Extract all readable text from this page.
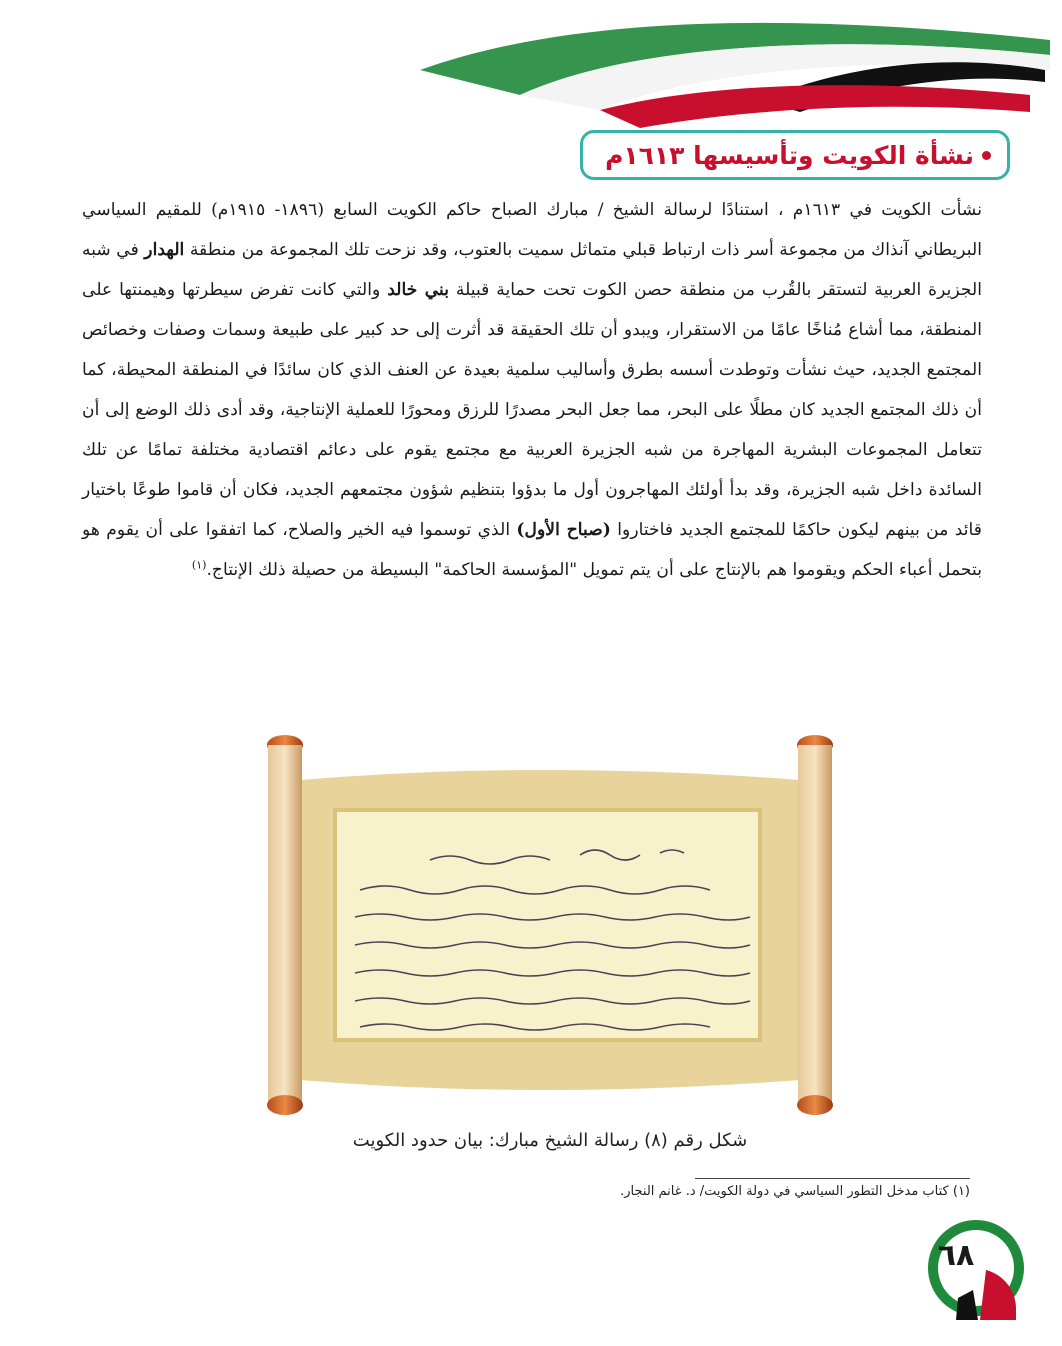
نشأة الكويت وتأسيسها ١٦١٣م

نشأت الكويت في ١٦١٣م ، استنادًا لرسالة الشيخ / مبارك الصباح حاكم الكويت السابع (١٨٩٦- ١٩١٥م) للمقيم السياسي البريطاني آنذاك من مجموعة أسر ذات ارتباط قبلي متماثل سميت بالعتوب، وقد نزحت تلك المجموعة من منطقة الهدار في شبه الجزيرة العربية لتستقر بالقُرب من منطقة حصن الكوت تحت حماية قبيلة بني خالد والتي كانت تفرض سيطرتها وهيمنتها على المنطقة، مما أشاع مُناخًا عامًا من الاستقرار، ويبدو أن تلك الحقيقة قد أثرت إلى حد كبير على طبيعة وسمات وصفات وخصائص المجتمع الجديد، حيث نشأت وتوطدت أسسه بطرق وأساليب سلمية بعيدة عن العنف الذي كان سائدًا في المنطقة المحيطة، كما أن ذلك المجتمع الجديد كان مطلًا على البحر، مما جعل البحر مصدرًا للرزق ومحورًا للعملية الإنتاجية، وقد أدى ذلك الوضع إلى أن تتعامل المجموعات البشرية المهاجرة من شبه الجزيرة العربية مع مجتمع يقوم على دعائم اقتصادية مختلفة تمامًا عن تلك السائدة داخل شبه الجزيرة، وقد بدأ أولئك المهاجرون أول ما بدؤوا بتنظيم شؤون مجتمعهم الجديد، فكان أن قاموا طوعًا باختيار قائد من بينهم ليكون حاكمًا للمجتمع الجديد فاختاروا (صباح الأول) الذي توسموا فيه الخير والصلاح، كما اتفقوا على أن يقوم هو بتحمل أعباء الحكم ويقوموا هم بالإنتاج على أن يتم تمويل "المؤسسة الحاكمة" البسيطة من حصيلة ذلك الإنتاج.$^{(١)}$

شكل رقم (٨) رسالة الشيخ مبارك: بيان حدود الكويت
(١) كتاب مدخل التطور السياسي في دولة الكويت/ د. غانم النجار.
٦٨
